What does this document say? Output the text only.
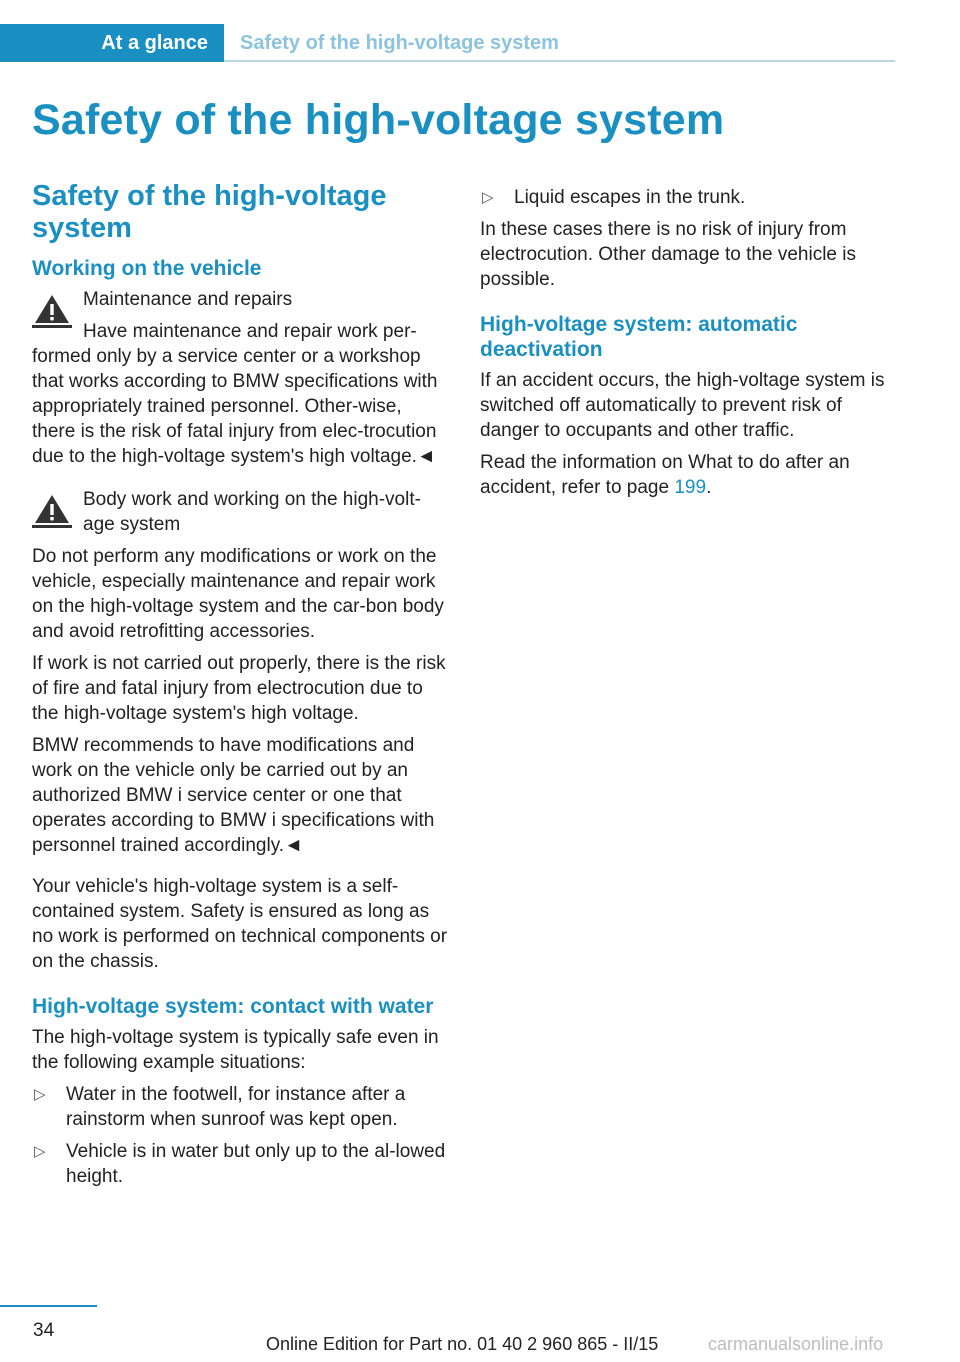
At a glance Safety of the high-voltage system
Safety of the high-voltage system
Safety of the high-voltage system
Working on the vehicle

Maintenance and repairs

Have maintenance and repair work per-

formed only by a service center or a workshop that works according to BMW specifications with appropriately trained personnel. Other-wise, there is the risk of fatal injury from elec-trocution due to the high-voltage system's high voltage.◄

Body work and working on the high-volt-age system

Do not perform any modifications or work on the vehicle, especially maintenance and repair work on the high-voltage system and the car-bon body and avoid retrofitting accessories.

If work is not carried out properly, there is the risk of fire and fatal injury from electrocution due to the high-voltage system's high voltage.

BMW recommends to have modifications and work on the vehicle only be carried out by an authorized BMW i service center or one that operates according to BMW i specifications with personnel trained accordingly.◄

Your vehicle's high-voltage system is a self-contained system. Safety is ensured as long as no work is performed on technical components or on the chassis.

High-voltage system: contact with water

The high-voltage system is typically safe even in the following example situations:

▷ Water in the footwell, for instance after a rainstorm when sunroof was kept open.
▷ Vehicle is in water but only up to the al-lowed height.
▷ Liquid escapes in the trunk.

In these cases there is no risk of injury from electrocution. Other damage to the vehicle is possible.

High-voltage system: automatic deactivation

If an accident occurs, the high-voltage system is switched off automatically to prevent risk of danger to occupants and other traffic.

Read the information on What to do after an accident, refer to page 199.

34
Online Edition for Part no. 01 40 2 960 865 - II/15	carmanualsonline.info
